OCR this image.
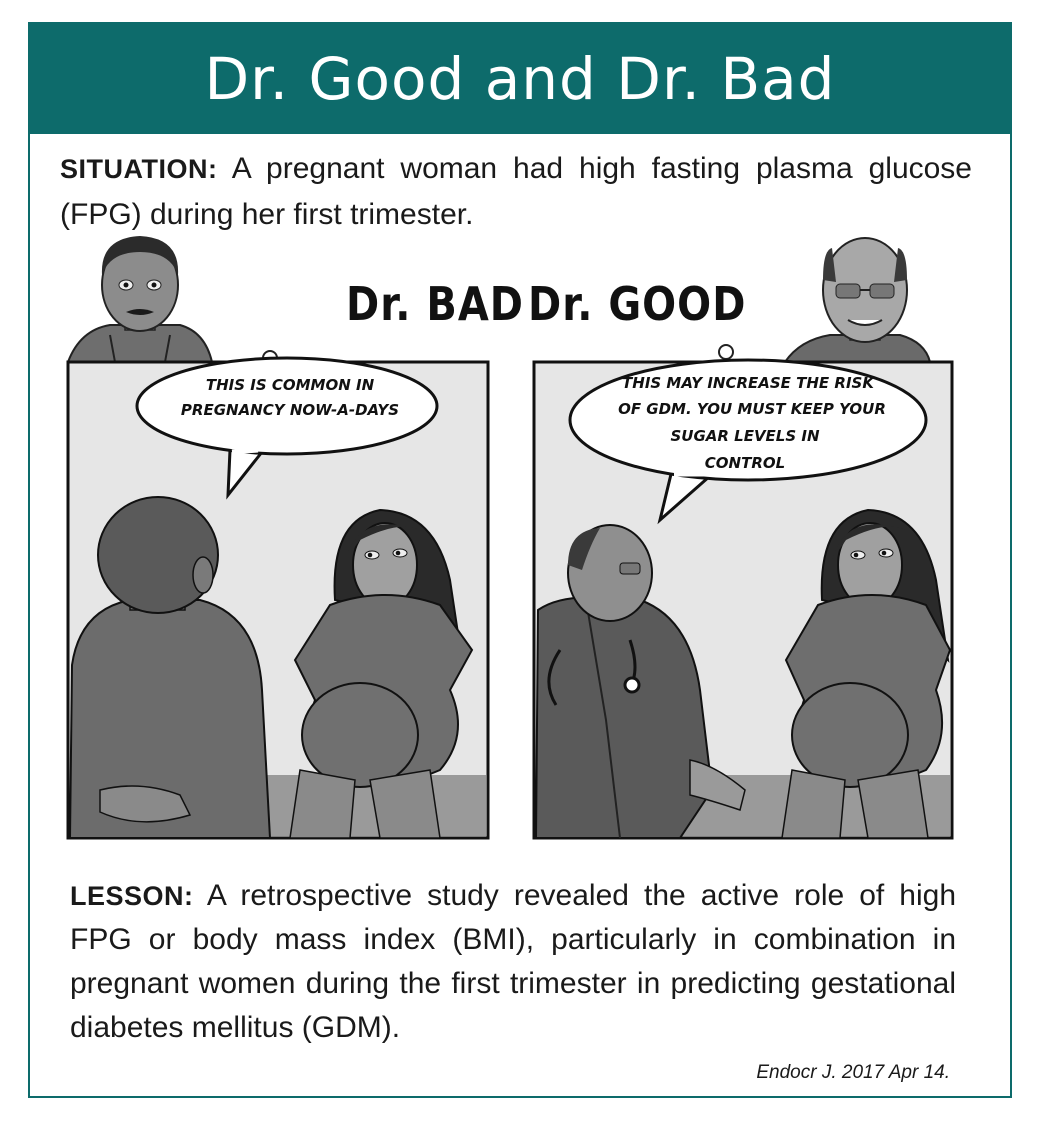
Dr. Good and Dr. Bad
SITUATION: A pregnant woman had high fasting plasma glucose (FPG) during her first trimester.
LESSON: A retrospective study revealed the active role of high FPG or body mass index (BMI), particularly in combination in pregnant women during the first trimester in predicting gestational diabetes mellitus (GDM).
Endocr J. 2017 Apr 14.
Dr. BAD Dr. GOOD
THIS IS COMMON IN
PREGNANCY NOW-A-DAYS
THIS MAY INCREASE THE RISK
OF GDM. YOU MUST KEEP YOUR
SUGAR LEVELS IN
CONTROL
